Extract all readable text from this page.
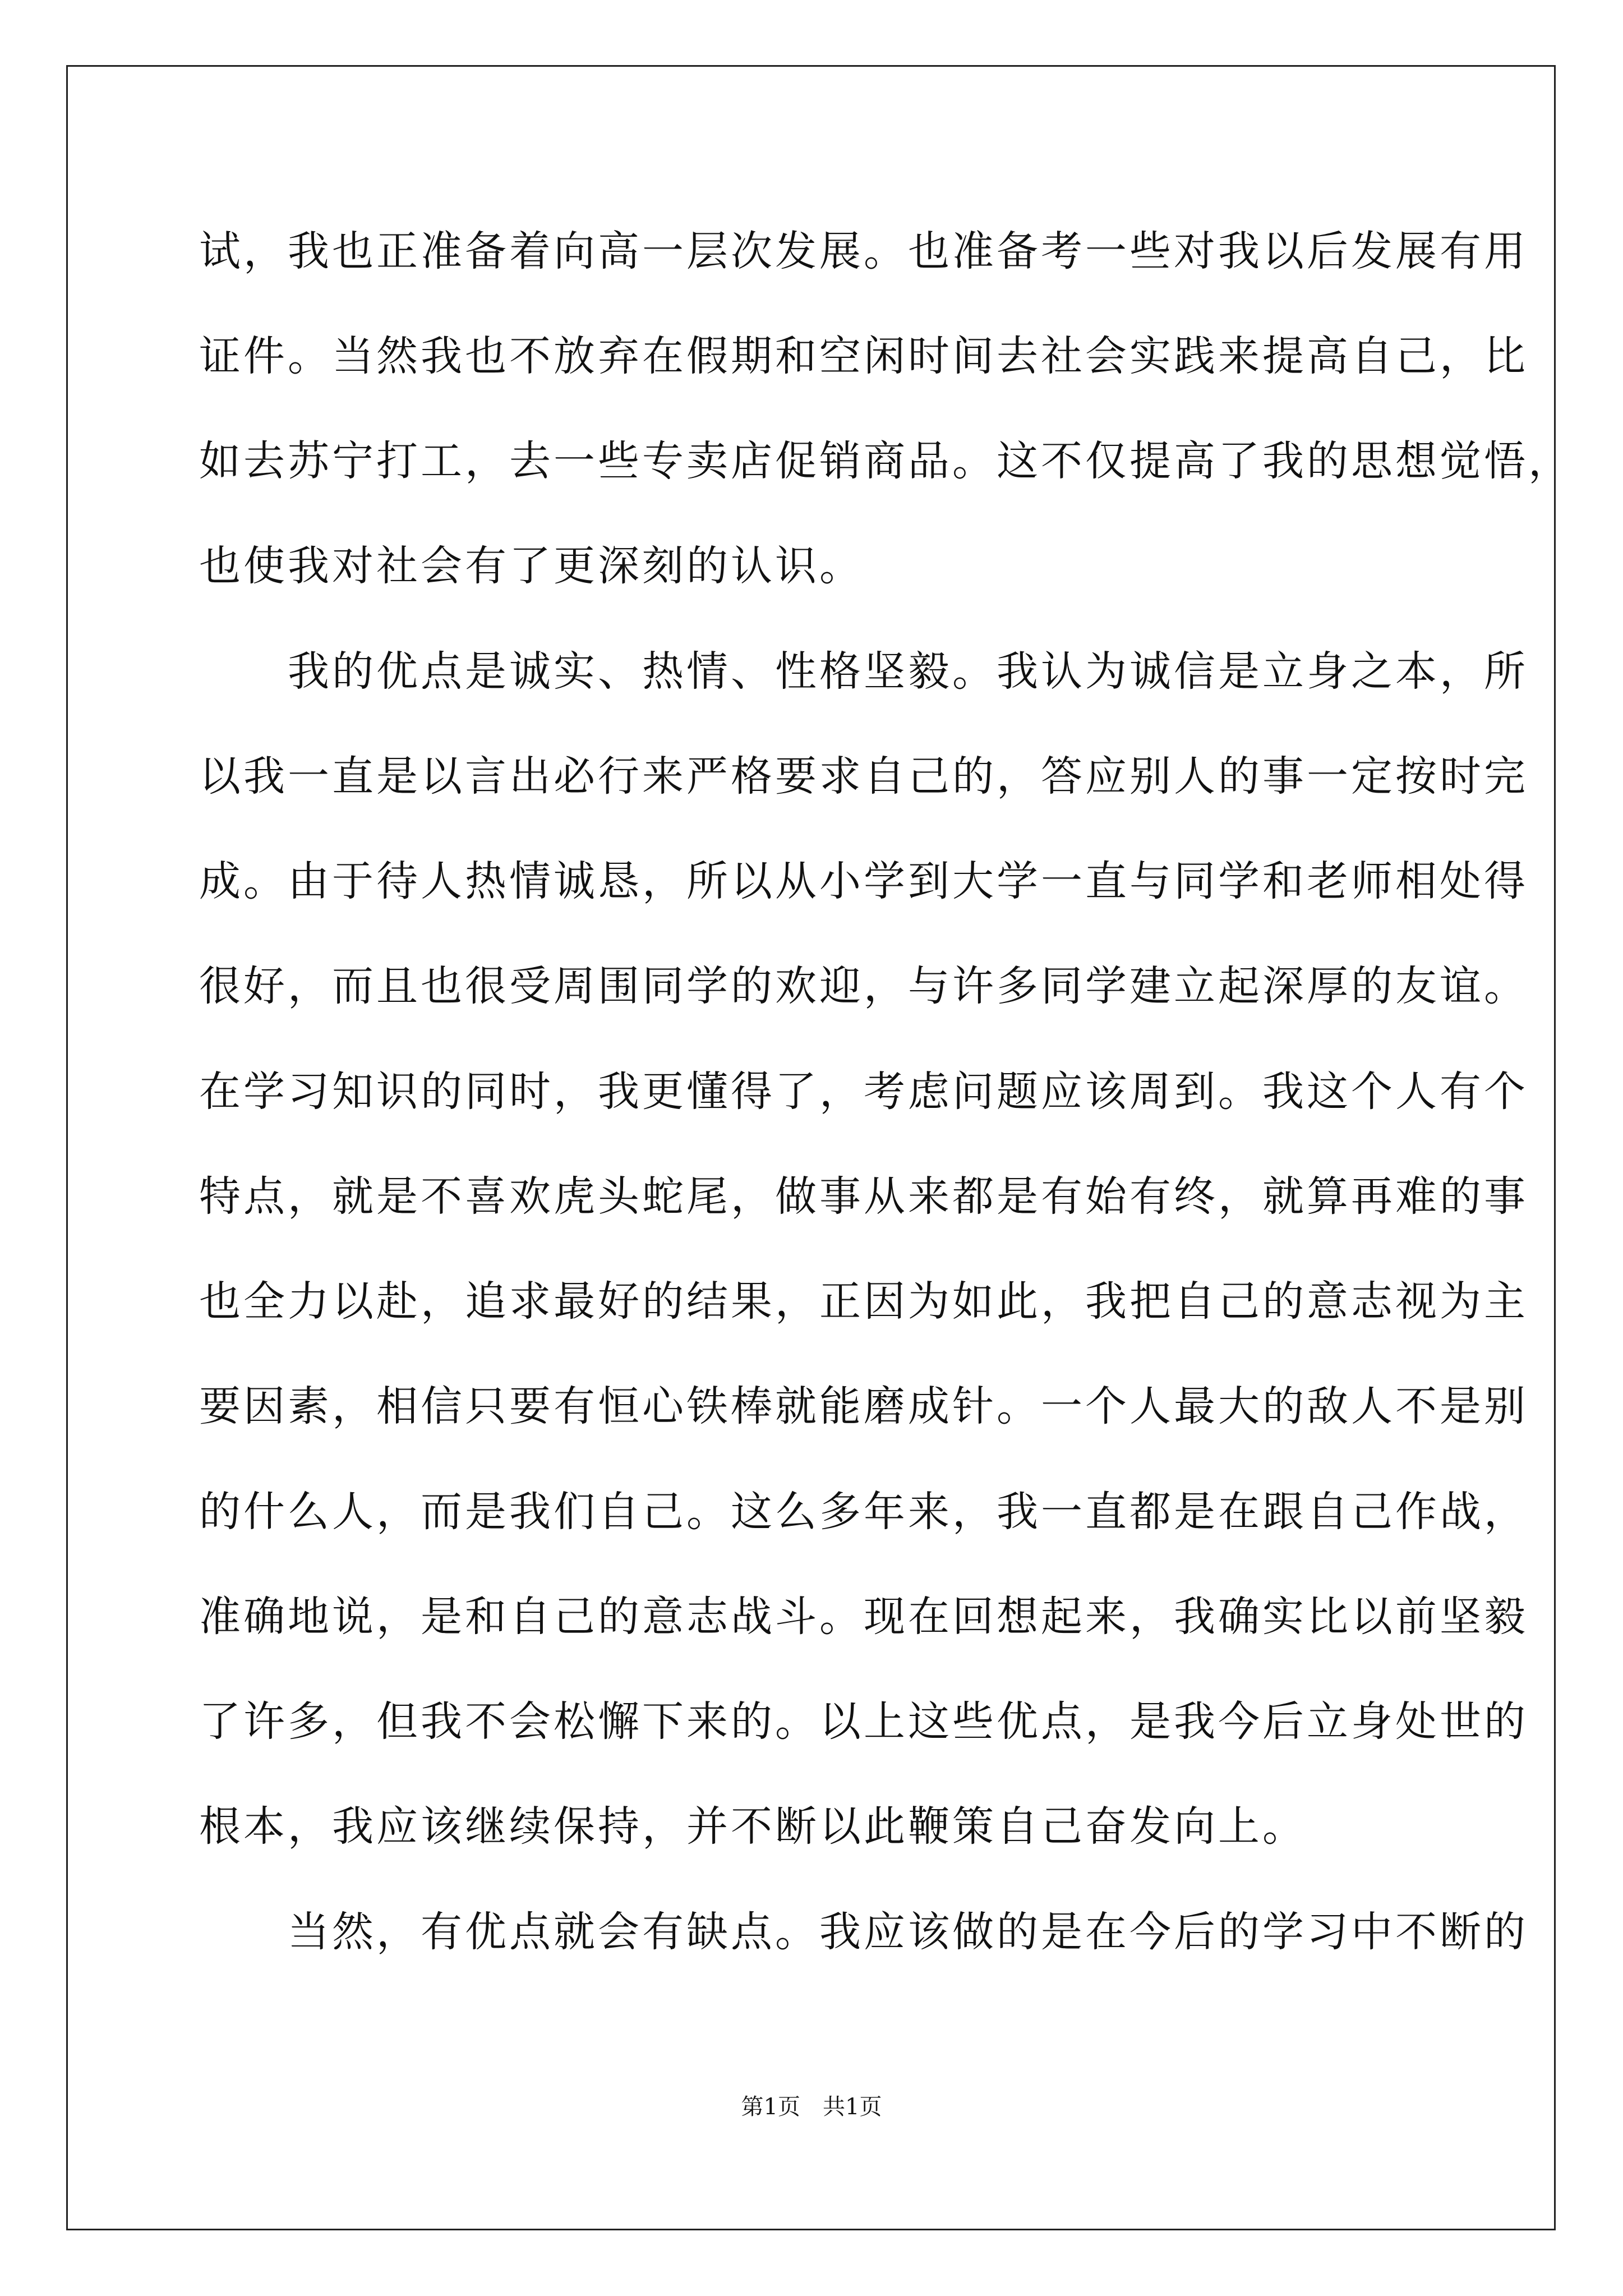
试，我也正准备着向高一层次发展。也准备考一些对我以后发展有用
证件。当然我也不放弃在假期和空闲时间去社会实践来提高自己，比
如去苏宁打工，去一些专卖店促销商品。这不仅提高了我的思想觉悟，
也使我对社会有了更深刻的认识。
　　我的优点是诚实、热情、性格坚毅。我认为诚信是立身之本，所
以我一直是以言出必行来严格要求自己的，答应别人的事一定按时完
成。由于待人热情诚恳，所以从小学到大学一直与同学和老师相处得
很好，而且也很受周围同学的欢迎，与许多同学建立起深厚的友谊。
在学习知识的同时，我更懂得了，考虑问题应该周到。我这个人有个
特点，就是不喜欢虎头蛇尾，做事从来都是有始有终，就算再难的事
也全力以赴，追求最好的结果，正因为如此，我把自己的意志视为主
要因素，相信只要有恒心铁棒就能磨成针。一个人最大的敌人不是别
的什么人，而是我们自己。这么多年来，我一直都是在跟自己作战，
准确地说，是和自己的意志战斗。现在回想起来，我确实比以前坚毅
了许多，但我不会松懈下来的。以上这些优点，是我今后立身处世的
根本，我应该继续保持，并不断以此鞭策自己奋发向上。
　　当然，有优点就会有缺点。我应该做的是在今后的学习中不断的
第1页　共1页
